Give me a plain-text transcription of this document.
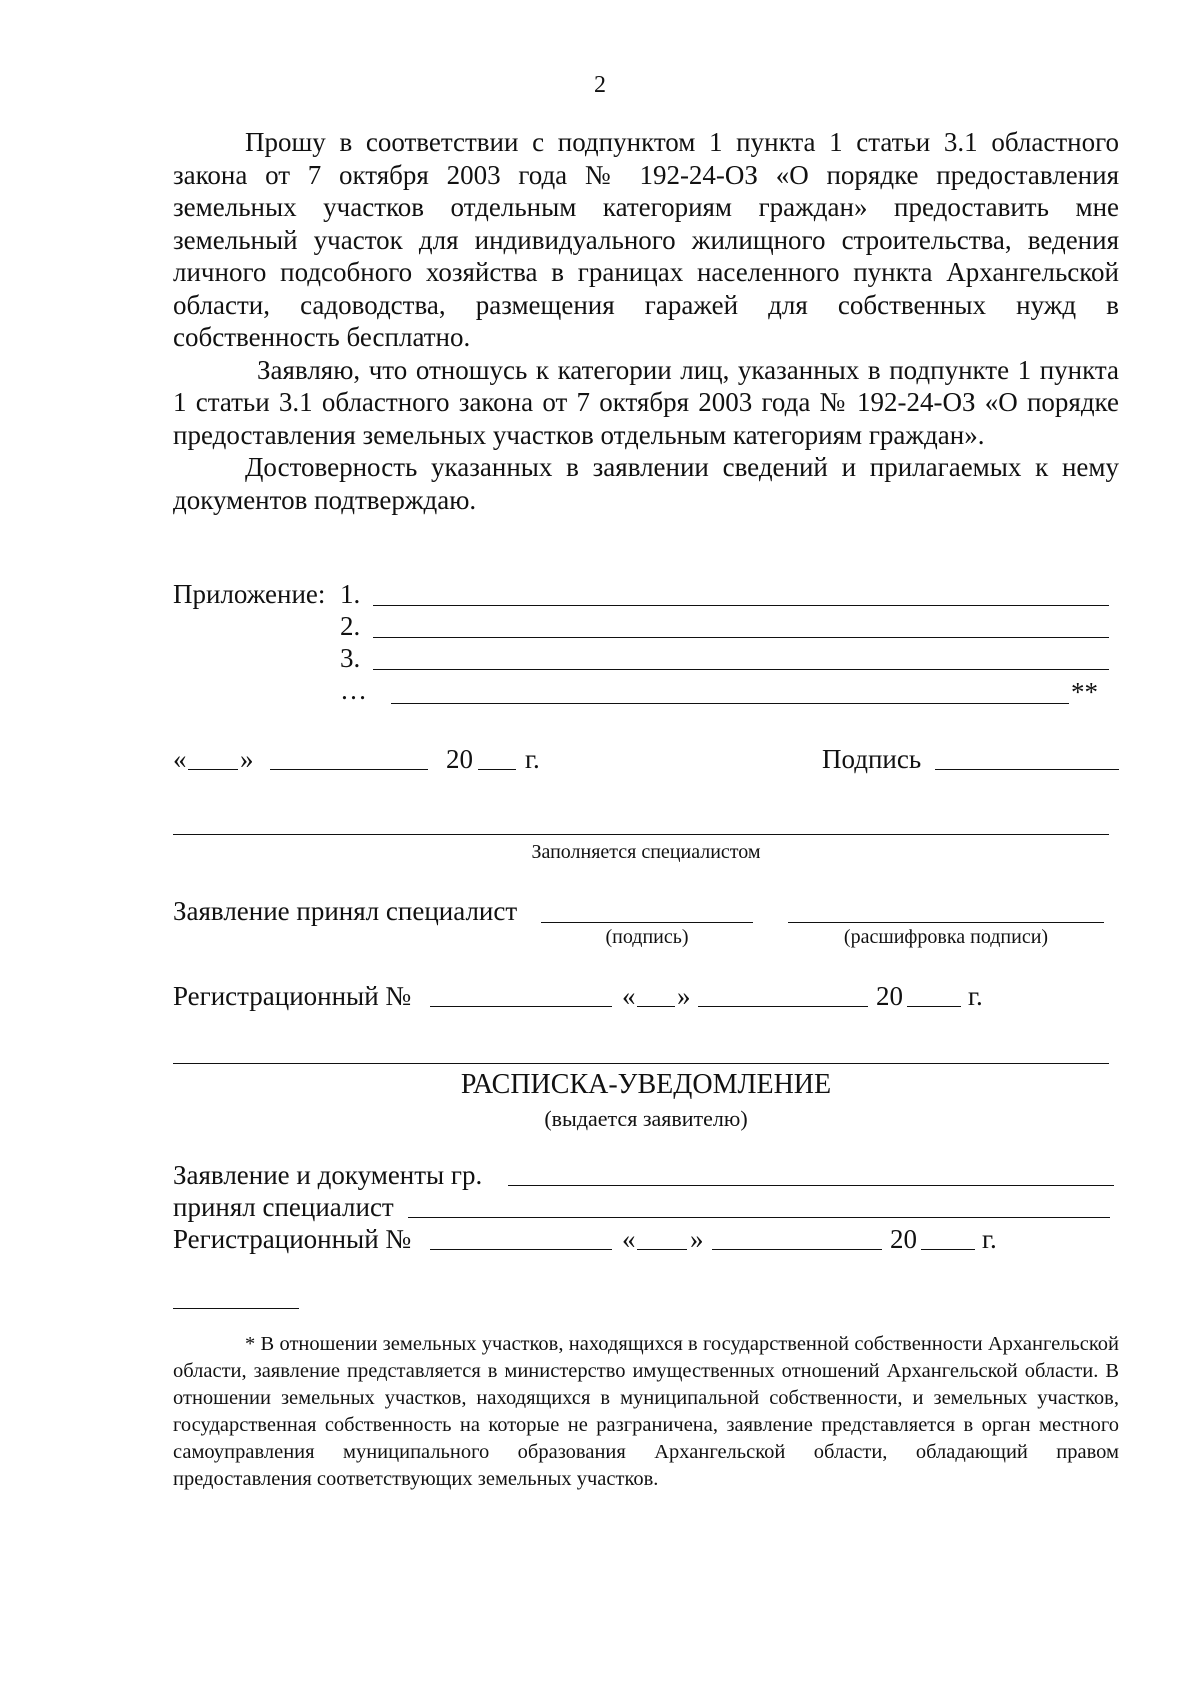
2

Прошу в соответствии с подпунктом 1 пункта 1 статьи 3.1 областного закона от 7 октября 2003 года № 192-24-ОЗ «О порядке предоставления земельных участков отдельным категориям граждан» предоставить мне земельный участок для индивидуального жилищного строительства, ведения личного подсобного хозяйства в границах населенного пункта Архангельской области, садоводства, размещения гаражей для собственных нужд в собственность бесплатно.

Заявляю, что отношусь к категории лиц, указанных в подпункте 1 пункта 1 статьи 3.1 областного закона от 7 октября 2003 года № 192-24-ОЗ «О порядке предоставления земельных участков отдельным категориям граждан».

Достоверность указанных в заявлении сведений и прилагаемых к нему документов подтверждаю.

Приложение: 1.
2.
3.
…	**
« »	20 г.	Подпись
Заполняется специалистом
Заявление принял специалист
(подпись)	(расшифровка подписи)
Регистрационный №	« »	20 г.
РАСПИСКА-УВЕДОМЛЕНИЕ
(выдается заявителю)
Заявление и документы гр.
принял специалист
Регистрационный №	« »	20 г.

* В отношении земельных участков, находящихся в государственной собственности Архангельской области, заявление представляется в министерство имущественных отношений Архангельской области. В отношении земельных участков, находящихся в муниципальной собственности, и земельных участков, государственная собственность на которые не разграничена, заявление представляется в орган местного самоуправления муниципального образования Архангельской области, обладающий правом предоставления соответствующих земельных участков.
